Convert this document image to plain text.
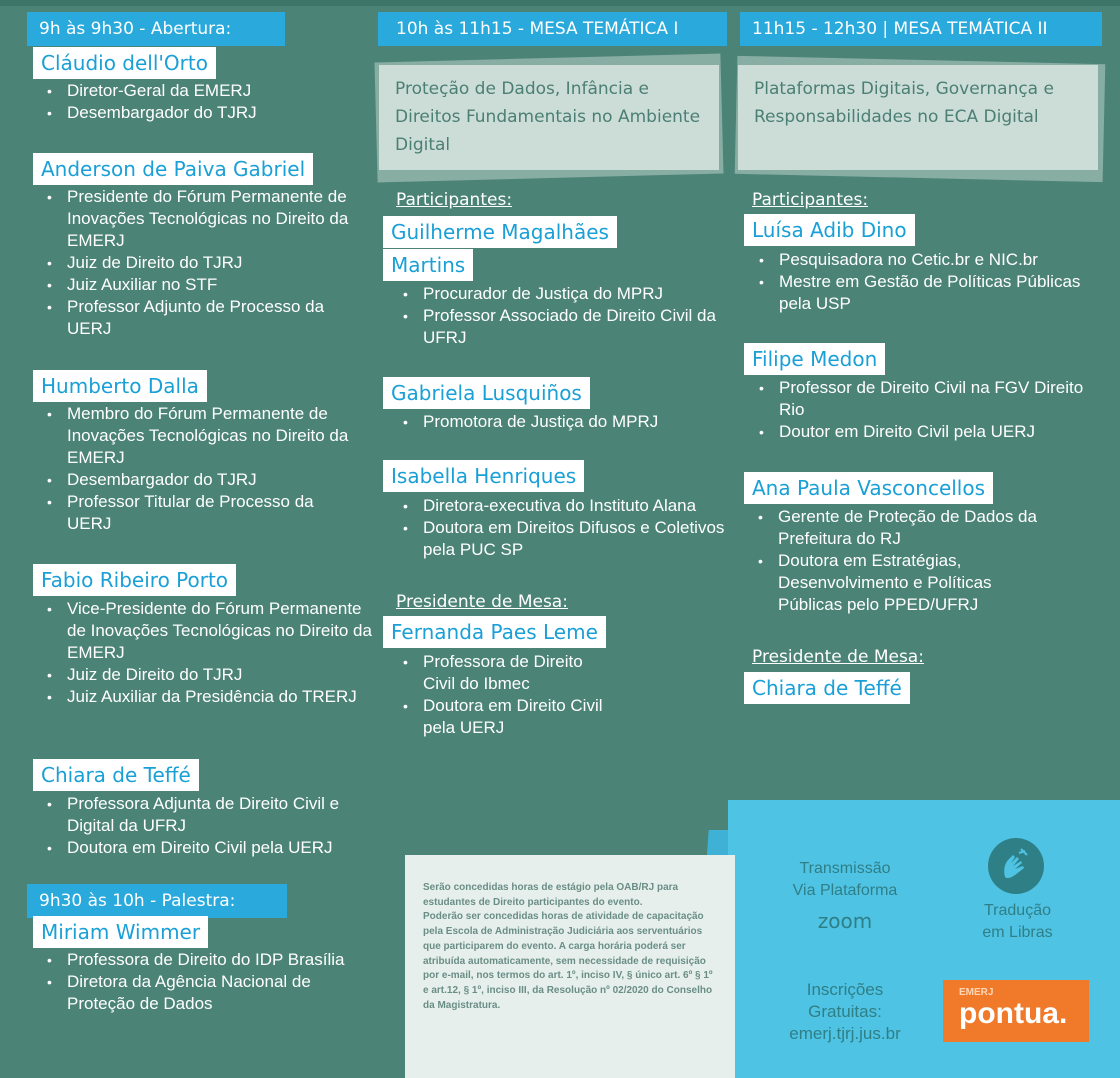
9h às 9h30 - Abertura:
Cláudio dell'Orto
• Diretor-Geral da EMERJ
• Desembargador do TJRJ
Anderson de Paiva Gabriel
• Presidente do Fórum Permanente de Inovações Tecnológicas no Direito da EMERJ
• Juiz de Direito do TJRJ
• Juiz Auxiliar no STF
• Professor Adjunto de Processo da UERJ
Humberto Dalla
• Membro do Fórum Permanente de Inovações Tecnológicas no Direito da EMERJ
• Desembargador do TJRJ
• Professor Titular de Processo da UERJ
Fabio Ribeiro Porto
• Vice-Presidente do Fórum Permanente de Inovações Tecnológicas no Direito da EMERJ
• Juiz de Direito do TJRJ
• Juiz Auxiliar da Presidência do TRERJ
Chiara de Teffé
• Professora Adjunta de Direito Civil e Digital da UFRJ
• Doutora em Direito Civil pela UERJ
9h30 às 10h - Palestra:
Miriam Wimmer
• Professora de Direito do IDP Brasília
• Diretora da Agência Nacional de Proteção de Dados
10h às 11h15 - MESA TEMÁTICA I
Proteção de Dados, Infância e Direitos Fundamentais no Ambiente Digital
Participantes:
Guilherme Magalhães
Martins
• Procurador de Justiça do MPRJ
• Professor Associado de Direito Civil da UFRJ
Gabriela Lusquiños
• Promotora de Justiça do MPRJ
Isabella Henriques
• Diretora-executiva do Instituto Alana
• Doutora em Direitos Difusos e Coletivos pela PUC SP
Presidente de Mesa:
Fernanda Paes Leme
• Professora de Direito Civil do Ibmec
• Doutora em Direito Civil pela UERJ
11h15 - 12h30 | MESA TEMÁTICA II
Plataformas Digitais, Governança e Responsabilidades no ECA Digital
Participantes:
Luísa Adib Dino
• Pesquisadora no Cetic.br e NIC.br
• Mestre em Gestão de Políticas Públicas pela USP
Filipe Medon
• Professor de Direito Civil na FGV Direito Rio
• Doutor em Direito Civil pela UERJ
Ana Paula Vasconcellos
• Gerente de Proteção de Dados da Prefeitura do RJ
• Doutora em Estratégias, Desenvolvimento e Políticas Públicas pelo PPED/UFRJ
Presidente de Mesa:
Chiara de Teffé

Serão concedidas horas de estágio pela OAB/RJ para estudantes de Direito participantes do evento.

Poderão ser concedidas horas de atividade de capacitação pela Escola de Administração Judiciária aos serventuários que participarem do evento. A carga horária poderá ser atribuída automaticamente, sem necessidade de requisição por e-mail, nos termos do art. 1º, inciso IV, § único art. 6º § 1º e art.12, § 1º, inciso III, da Resolução nº 02/2020 do Conselho da Magistratura.

Transmissão
Via Plataforma
zoom	Tradução
em Libras
Inscrições
Gratuitas:
emerj.tjrj.jus.br
EMERJ
pontua.
